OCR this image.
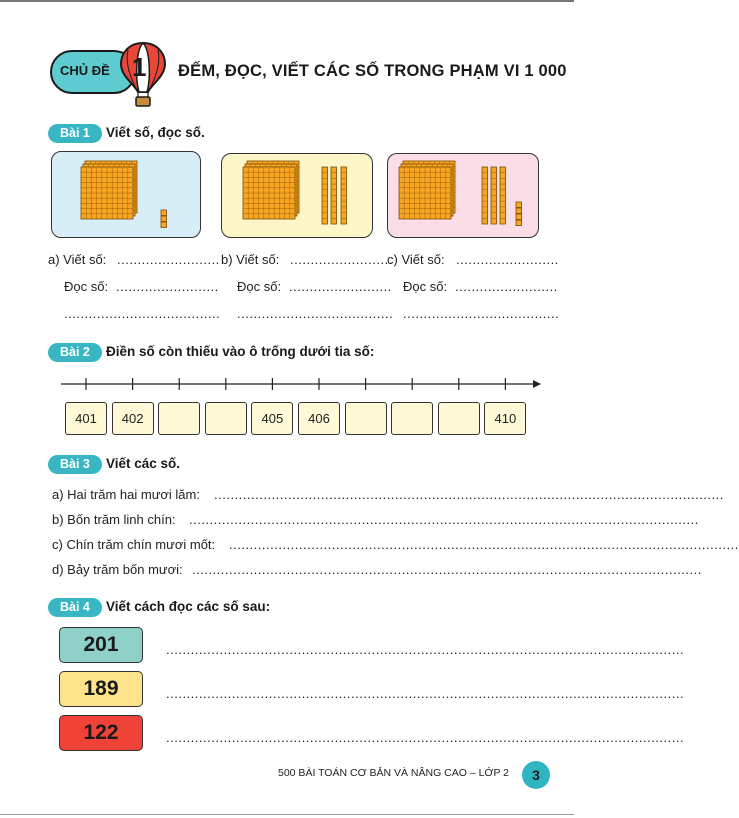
CHỦ ĐỀ 1 ĐẾM, ĐỌC, VIẾT CÁC SỐ TRONG PHẠM VI 1 000
Bài 1	Viết số, đọc số.
a) Viết số: .........................
Đọc số: .........................
......................................
b) Viết số: .........................
Đọc số: .........................
......................................
c) Viết số: .........................
Đọc số: .........................
......................................
Bài 2	Điền số còn thiếu vào ô trống dưới tia số:
401	402	405	406	410
Bài 3	Viết các số.
a) Hai trăm hai mươi lăm: ............................................................................................................................
b) Bốn trăm linh chín: ............................................................................................................................
c) Chín trăm chín mươi mốt: ............................................................................................................................
d) Bảy trăm bốn mươi: ............................................................................................................................
Bài 4	Viết cách đọc các số sau:
201
189
122
..............................................................................................................................
..............................................................................................................................
..............................................................................................................................
500 BÀI TOÁN CƠ BẢN VÀ NÂNG CAO – LỚP 2	3
